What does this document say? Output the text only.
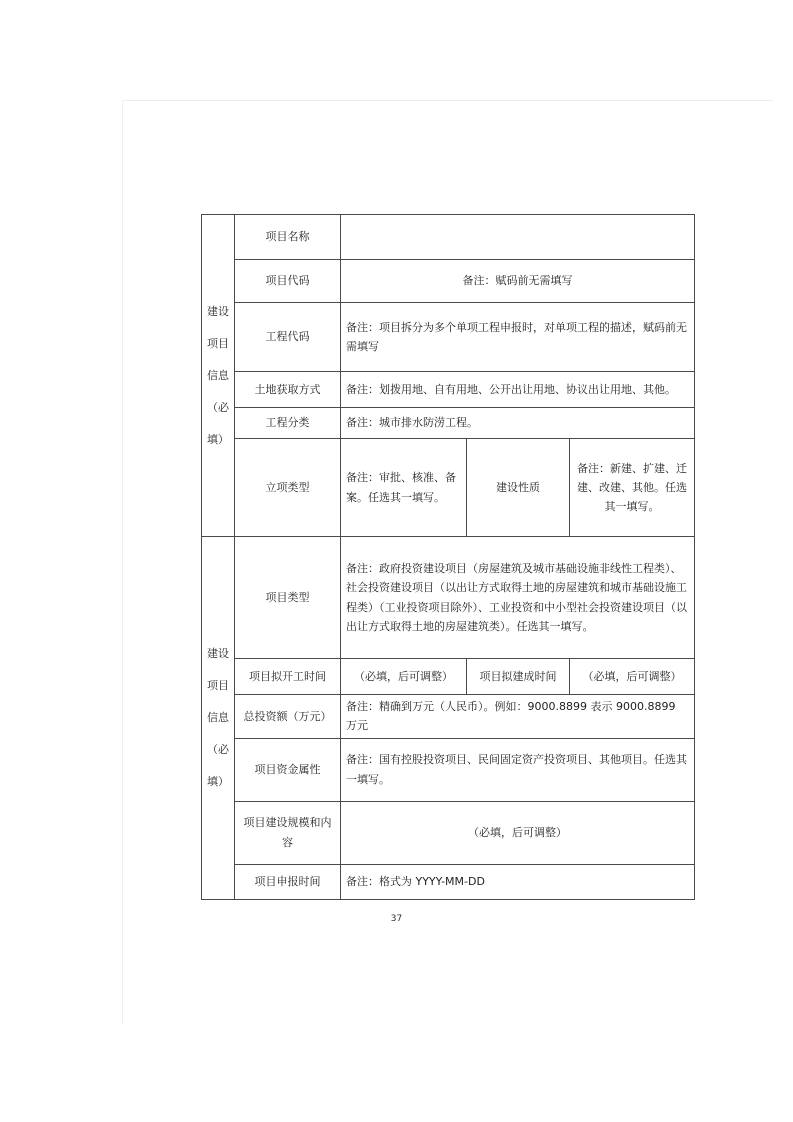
建设项目信息（必填）	项目名称			
	项目代码	备注：赋码前无需填写		
	工程代码	备注：项目拆分为多个单项工程申报时，对单项工程的描述，赋码前无需填写		
	土地获取方式	备注：划拨用地、自有用地、公开出让用地、协议出让用地、其他。		
	工程分类	备注：城市排水防涝工程。		
	立项类型	备注：审批、核准、备案。任选其一填写。	建设性质	备注：新建、扩建、迁建、改建、其他。任选其一填写。
建设项目信息（必填）	项目类型	备注：政府投资建设项目（房屋建筑及城市基础设施非线性工程类）、社会投资建设项目（以出让方式取得土地的房屋建筑和城市基础设施工程类）（工业投资项目除外）、工业投资和中小型社会投资建设项目（以出让方式取得土地的房屋建筑类）。任选其一填写。		
	项目拟开工时间	（必填，后可调整）	项目拟建成时间	（必填，后可调整）
	总投资额（万元）	备注：精确到万元（人民币）。例如：9000.8899 表示 9000.8899 万元		
	项目资金属性	备注：国有控股投资项目、民间固定资产投资项目、其他项目。任选其一填写。		
	项目建设规模和内容	（必填，后可调整）		
	项目申报时间	备注：格式为 YYYY-MM-DD		
37
